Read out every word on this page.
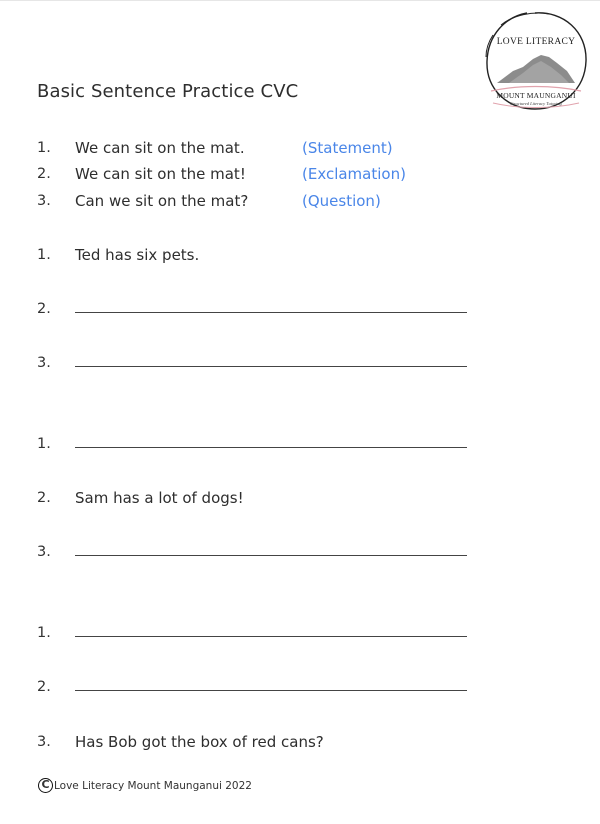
LOVE LITERACY
MOUNT MAUNGANUI
Structured Literacy Tutoring
Basic Sentence Practice CVC
1.	We can sit on the mat.	(Statement)
2.	We can sit on the mat!	(Exclamation)
3.	Can we sit on the mat?	(Question)
1.	Ted has six pets.
2.
3.
1.
2.	Sam has a lot of dogs!
3.
1.
2.
3.	Has Bob got the box of red cans?
C Love Literacy Mount Maunganui 2022
